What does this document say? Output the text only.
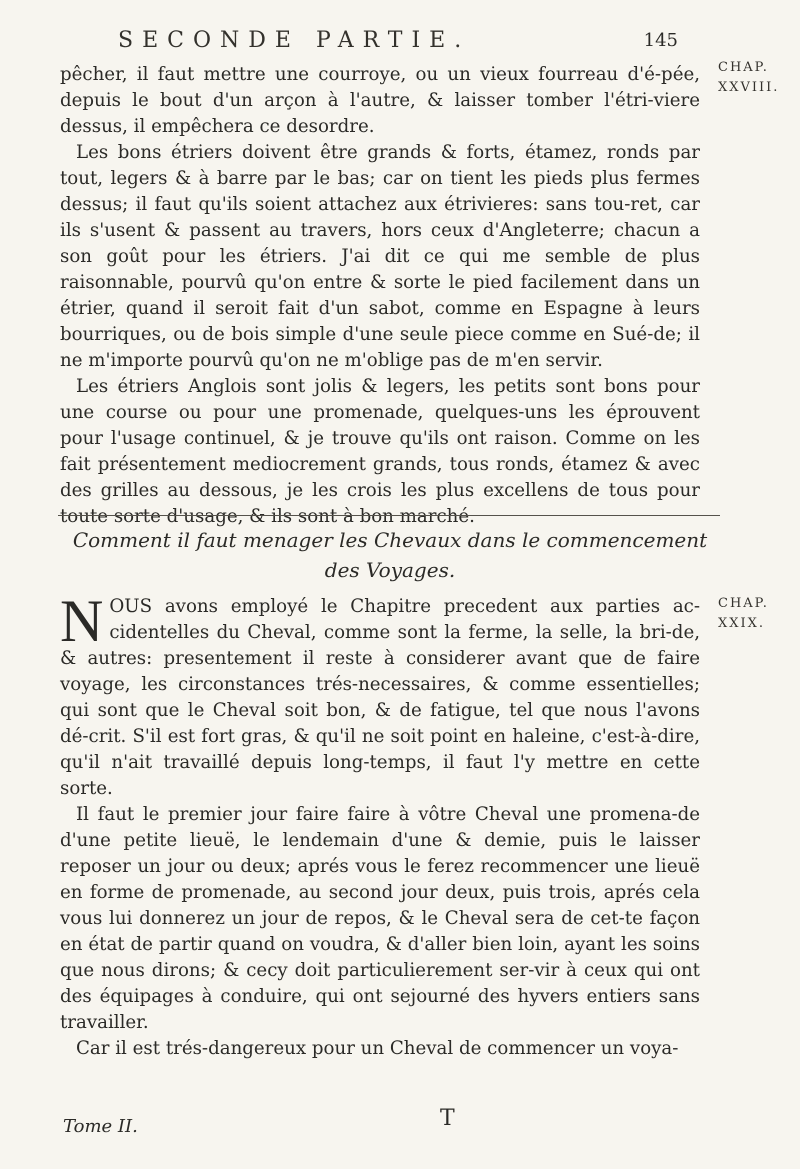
SECONDE PARTIE.	145
CHAP.
XXVIII.

pêcher, il faut mettre une courroye, ou un vieux fourreau d'é-pée, depuis le bout d'un arçon à l'autre, & laisser tomber l'étri-viere dessus, il empêchera ce desordre.

Les bons étriers doivent être grands & forts, étamez, ronds par tout, legers & à barre par le bas; car on tient les pieds plus fermes dessus; il faut qu'ils soient attachez aux étrivieres: sans tou-ret, car ils s'usent & passent au travers, hors ceux d'Angleterre; chacun a son goût pour les étriers. J'ai dit ce qui me semble de plus raisonnable, pourvû qu'on entre & sorte le pied facilement dans un étrier, quand il seroit fait d'un sabot, comme en Espagne à leurs bourriques, ou de bois simple d'une seule piece comme en Sué-de; il ne m'importe pourvû qu'on ne m'oblige pas de m'en servir.

Les étriers Anglois sont jolis & legers, les petits sont bons pour une course ou pour une promenade, quelques-uns les éprouvent pour l'usage continuel, & je trouve qu'ils ont raison. Comme on les fait présentement mediocrement grands, tous ronds, étamez & avec des grilles au dessous, je les crois les plus excellens de tous pour toute sorte d'usage, & ils sont à bon marché.

Comment il faut menager les Chevaux dans le commencement
des Voyages.
CHAP.
XXIX.

NOUS avons employé le Chapitre precedent aux parties ac-cidentelles du Cheval, comme sont la ferme, la selle, la bri-de, & autres: presentement il reste à considerer avant que de faire voyage, les circonstances trés-necessaires, & comme essentielles; qui sont que le Cheval soit bon, & de fatigue, tel que nous l'avons dé-crit. S'il est fort gras, & qu'il ne soit point en haleine, c'est-à-dire, qu'il n'ait travaillé depuis long-temps, il faut l'y mettre en cette sorte.

Il faut le premier jour faire faire à vôtre Cheval une promena-de d'une petite lieuë, le lendemain d'une & demie, puis le laisser reposer un jour ou deux; aprés vous le ferez recommencer une lieuë en forme de promenade, au second jour deux, puis trois, aprés cela vous lui donnerez un jour de repos, & le Cheval sera de cet-te façon en état de partir quand on voudra, & d'aller bien loin, ayant les soins que nous dirons; & cecy doit particulierement ser-vir à ceux qui ont des équipages à conduire, qui ont sejourné des hyvers entiers sans travailler.

Car il est trés-dangereux pour un Cheval de commencer un voya-

Tome II.	T
